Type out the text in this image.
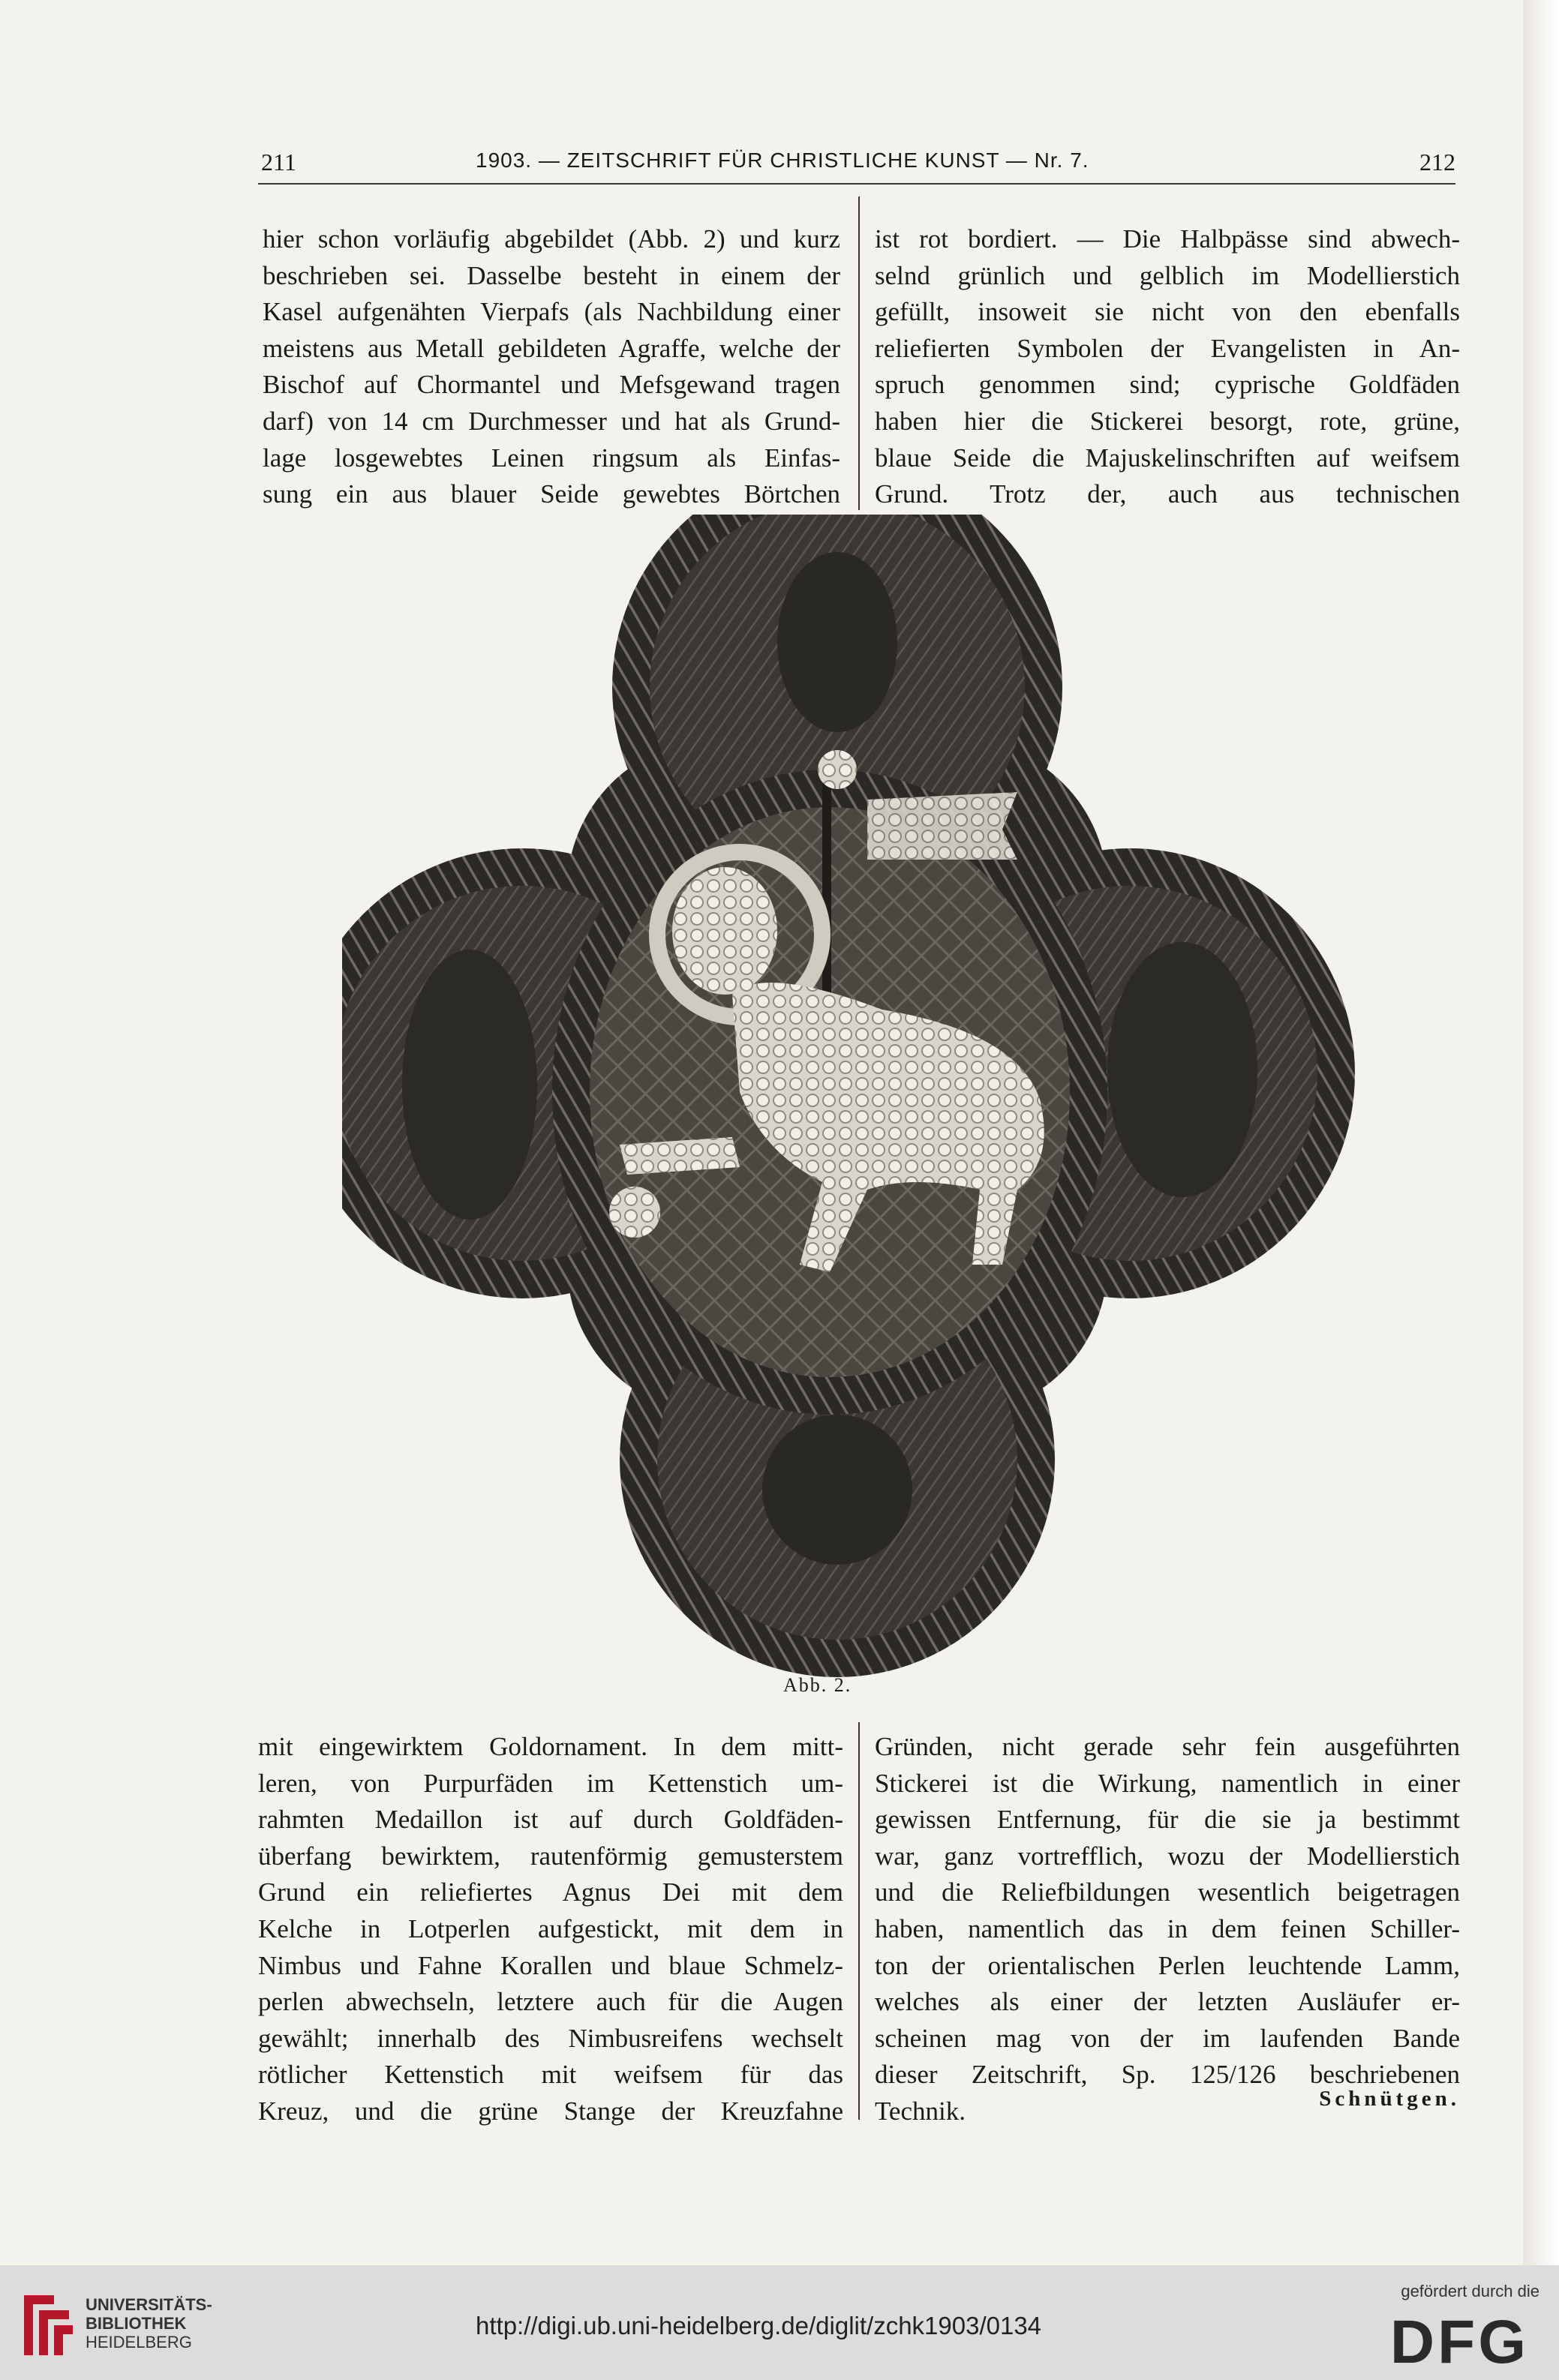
211	1903. — ZEITSCHRIFT FÜR CHRISTLICHE KUNST — Nr. 7.	212

hier schon vorläufig abgebildet (Abb. 2) und kurz

beschrieben sei. Dasselbe besteht in einem der

Kasel aufgenähten Vierpafs (als Nachbildung einer

meistens aus Metall gebildeten Agraffe, welche der

Bischof auf Chormantel und Mefsgewand tragen

darf) von 14 cm Durchmesser und hat als Grund-

lage losgewebtes Leinen ringsum als Einfas-

sung ein aus blauer Seide gewebtes Börtchen

ist rot bordiert. — Die Halbpässe sind abwech-

selnd grünlich und gelblich im Modellierstich

gefüllt, insoweit sie nicht von den ebenfalls

reliefierten Symbolen der Evangelisten in An-

spruch genommen sind; cyprische Goldfäden

haben hier die Stickerei besorgt, rote, grüne,

blaue Seide die Majuskelinschriften auf weifsem

Grund. Trotz der, auch aus technischen

Abb. 2.

mit eingewirktem Goldornament. In dem mitt-

leren, von Purpurfäden im Kettenstich um-

rahmten Medaillon ist auf durch Goldfäden-

überfang bewirktem, rautenförmig gemusterstem

Grund ein reliefiertes Agnus Dei mit dem

Kelche in Lotperlen aufgestickt, mit dem in

Nimbus und Fahne Korallen und blaue Schmelz-

perlen abwechseln, letztere auch für die Augen

gewählt; innerhalb des Nimbusreifens wechselt

rötlicher Kettenstich mit weifsem für das

Kreuz, und die grüne Stange der Kreuzfahne

Gründen, nicht gerade sehr fein ausgeführten

Stickerei ist die Wirkung, namentlich in einer

gewissen Entfernung, für die sie ja bestimmt

war, ganz vortrefflich, wozu der Modellierstich

und die Reliefbildungen wesentlich beigetragen

haben, namentlich das in dem feinen Schiller-

ton der orientalischen Perlen leuchtende Lamm,

welches als einer der letzten Ausläufer er-

scheinen mag von der im laufenden Bande

dieser Zeitschrift, Sp. 125/126 beschriebenen

Technik.	Schnütgen.
UNIVERSITÄTS-
BIBLIOTHEK
HEIDELBERG
http://digi.ub.uni-heidelberg.de/diglit/zchk1903/0134
gefördert durch die
DFG
